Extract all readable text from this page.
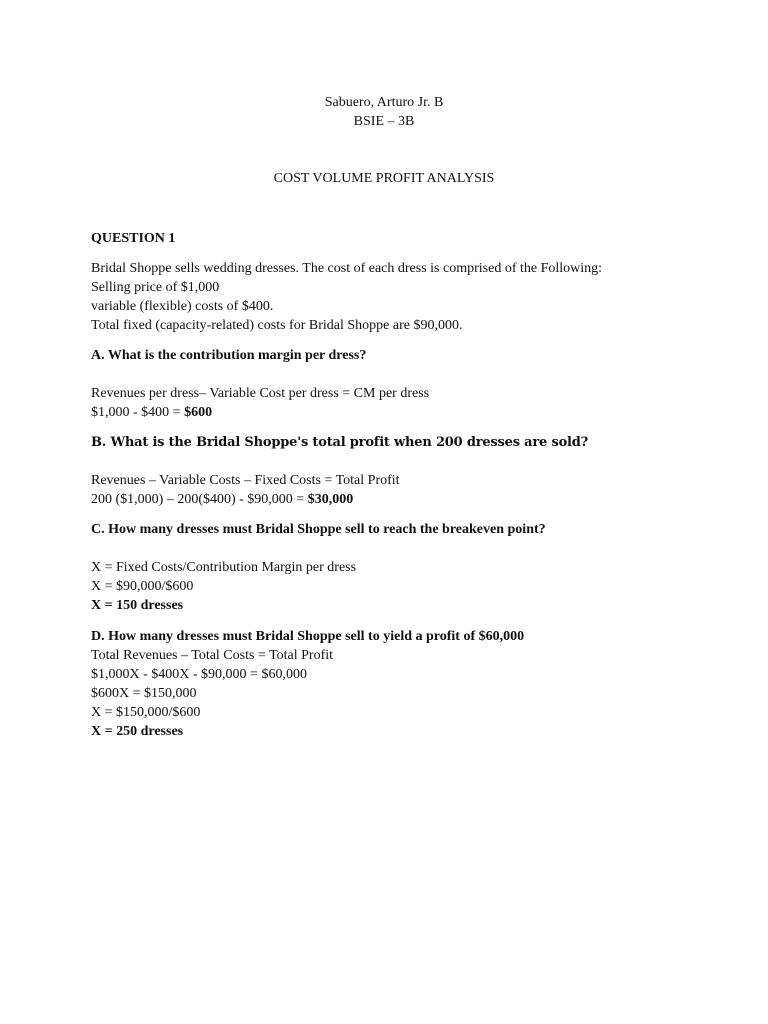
Sabuero, Arturo Jr. B
BSIE – 3B
COST VOLUME PROFIT ANALYSIS
QUESTION 1
Bridal Shoppe sells wedding dresses. The cost of each dress is comprised of the Following:
Selling price of $1,000
variable (flexible) costs of $400.
Total fixed (capacity-related) costs for Bridal Shoppe are $90,000.
A. What is the contribution margin per dress?
Revenues per dress– Variable Cost per dress = CM per dress
$1,000 - $400 = $600
B. What is the Bridal Shoppe's total profit when 200 dresses are sold?
Revenues – Variable Costs – Fixed Costs = Total Profit
200 ($1,000) – 200($400) - $90,000 = $30,000
C. How many dresses must Bridal Shoppe sell to reach the breakeven point?
X = Fixed Costs/Contribution Margin per dress
X = $90,000/$600
X = 150 dresses
D. How many dresses must Bridal Shoppe sell to yield a profit of $60,000
Total Revenues – Total Costs = Total Profit
$1,000X - $400X - $90,000 = $60,000
$600X = $150,000
X = $150,000/$600
X = 250 dresses
